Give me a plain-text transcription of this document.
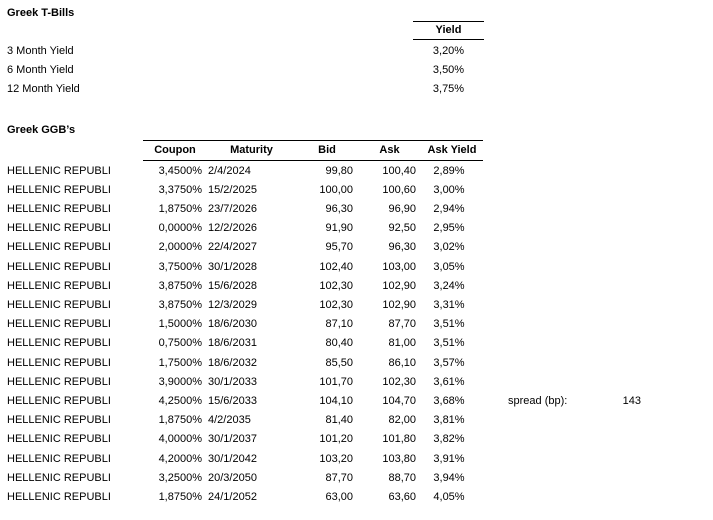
Greek T-Bills
Yield
3 Month Yield	3,20%
6 Month Yield	3,50%
12 Month Yield	3,75%
Greek GGB’s
Coupon	Maturity	Bid	Ask	Ask Yield
HELLENIC REPUBLI	3,4500% 2/4/2024	99,80	100,40	2,89%
HELLENIC REPUBLI	3,3750% 15/2/2025	100,00	100,60	3,00%
HELLENIC REPUBLI	1,8750% 23/7/2026	96,30	96,90	2,94%
HELLENIC REPUBLI	0,0000% 12/2/2026	91,90	92,50	2,95%
HELLENIC REPUBLI	2,0000% 22/4/2027	95,70	96,30	3,02%
HELLENIC REPUBLI	3,7500% 30/1/2028	102,40	103,00	3,05%
HELLENIC REPUBLI	3,8750% 15/6/2028	102,30	102,90	3,24%
HELLENIC REPUBLI	3,8750% 12/3/2029	102,30	102,90	3,31%
HELLENIC REPUBLI	1,5000% 18/6/2030	87,10	87,70	3,51%
HELLENIC REPUBLI	0,7500% 18/6/2031	80,40	81,00	3,51%
HELLENIC REPUBLI	1,7500% 18/6/2032	85,50	86,10	3,57%
HELLENIC REPUBLI	3,9000% 30/1/2033	101,70	102,30	3,61%
HELLENIC REPUBLI	4,2500% 15/6/2033	104,10	104,70	3,68%
HELLENIC REPUBLI	1,8750% 4/2/2035	81,40	82,00	3,81%
HELLENIC REPUBLI	4,0000% 30/1/2037	101,20	101,80	3,82%
HELLENIC REPUBLI	4,2000% 30/1/2042	103,20	103,80	3,91%
HELLENIC REPUBLI	3,2500% 20/3/2050	87,70	88,70	3,94%
HELLENIC REPUBLI	1,8750% 24/1/2052	63,00	63,60	4,05%
spread (bp):	143
